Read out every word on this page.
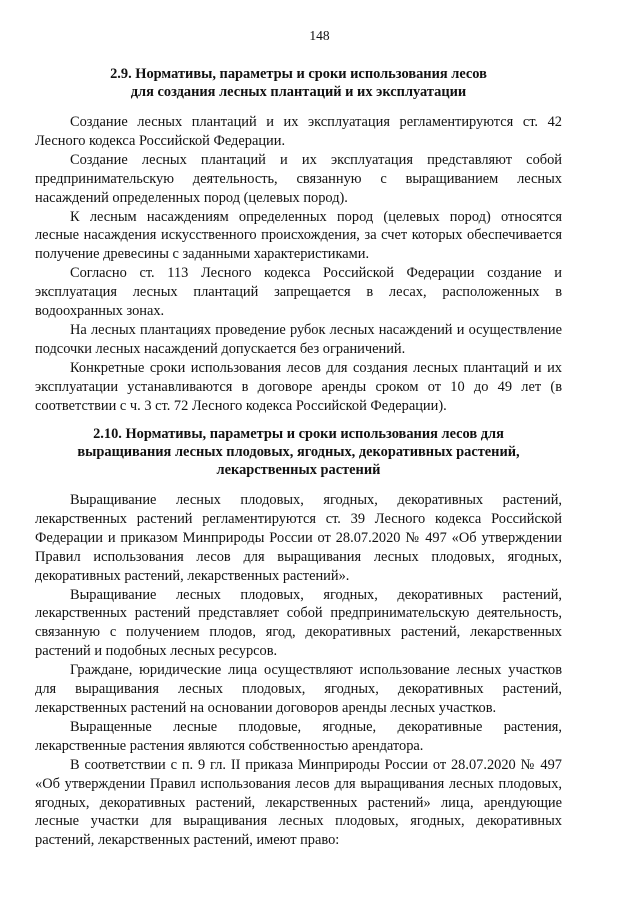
148
2.9. Нормативы, параметры и сроки использования лесов
для создания лесных плантаций и их эксплуатации

Создание лесных плантаций и их эксплуатация регламентируются ст. 42 Лесного кодекса Российской Федерации.

Создание лесных плантаций и их эксплуатация представляют собой предпринимательскую деятельность, связанную с выращиванием лесных насаждений определенных пород (целевых пород).

К лесным насаждениям определенных пород (целевых пород) относятся лесные насаждения искусственного происхождения, за счет которых обеспечивается получение древесины с заданными характеристиками.

Согласно ст. 113 Лесного кодекса Российской Федерации создание и эксплуатация лесных плантаций запрещается в лесах, расположенных в водоохранных зонах.

На лесных плантациях проведение рубок лесных насаждений и осуществление подсочки лесных насаждений допускается без ограничений.

Конкретные сроки использования лесов для создания лесных плантаций и их эксплуатации устанавливаются в договоре аренды сроком от 10 до 49 лет (в соответствии с ч. 3 ст. 72 Лесного кодекса Российской Федерации).

2.10. Нормативы, параметры и сроки использования лесов для
выращивания лесных плодовых, ягодных, декоративных растений,
лекарственных растений

Выращивание лесных плодовых, ягодных, декоративных растений, лекарственных растений регламентируются ст. 39 Лесного кодекса Российской Федерации и приказом Минприроды России от 28.07.2020 № 497 «Об утверждении Правил использования лесов для выращивания лесных плодовых, ягодных, декоративных растений, лекарственных растений».

Выращивание лесных плодовых, ягодных, декоративных растений, лекарственных растений представляет собой предпринимательскую деятельность, связанную с получением плодов, ягод, декоративных растений, лекарственных растений и подобных лесных ресурсов.

Граждане, юридические лица осуществляют использование лесных участков для выращивания лесных плодовых, ягодных, декоративных растений, лекарственных растений на основании договоров аренды лесных участков.

Выращенные лесные плодовые, ягодные, декоративные растения, лекарственные растения являются собственностью арендатора.

В соответствии с п. 9 гл. II приказа Минприроды России от 28.07.2020 № 497 «Об утверждении Правил использования лесов для выращивания лесных плодовых, ягодных, декоративных растений, лекарственных растений» лица, арендующие лесные участки для выращивания лесных плодовых, ягодных, декоративных растений, лекарственных растений, имеют право:
